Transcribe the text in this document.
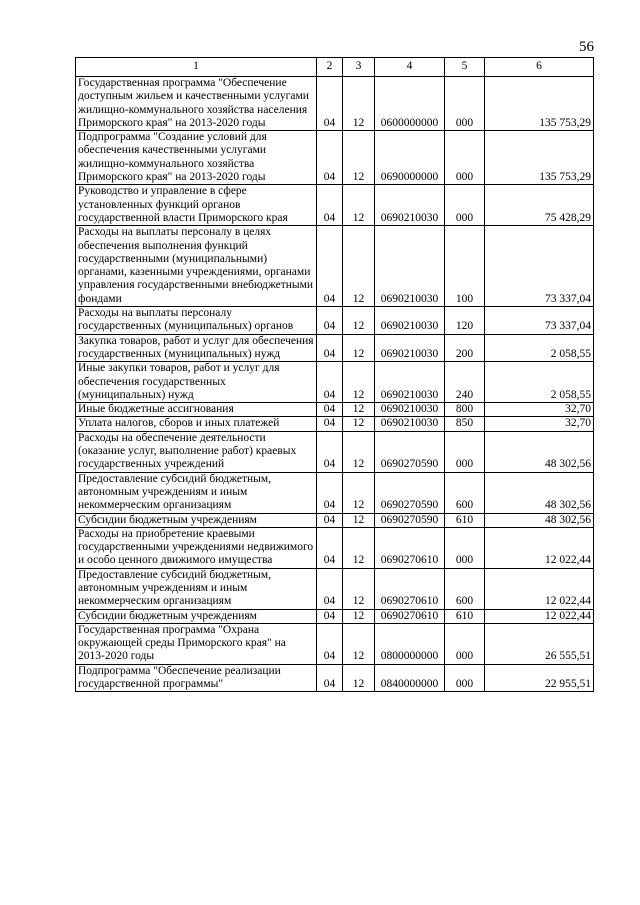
56
1	2	3	4	5	6
Государственная программа "Обеспечение доступным жильем и качественными услугами жилищно-коммунального хозяйства населения Приморского края" на 2013-2020 годы	04	12	0600000000	000	135 753,29
Подпрограмма "Создание условий для обеспечения качественными услугами жилищно-коммунального хозяйства Приморского края" на 2013-2020 годы	04	12	0690000000	000	135 753,29
Руководство и управление в сфере установленных функций органов государственной власти Приморского края	04	12	0690210030	000	75 428,29
Расходы на выплаты персоналу в целях обеспечения выполнения функций государственными (муниципальными) органами, казенными учреждениями, органами управления государственными внебюджетными фондами	04	12	0690210030	100	73 337,04
Расходы на выплаты персоналу государственных (муниципальных) органов	04	12	0690210030	120	73 337,04
Закупка товаров, работ и услуг для обеспечения государственных (муниципальных) нужд	04	12	0690210030	200	2 058,55
Иные закупки товаров, работ и услуг для обеспечения государственных (муниципальных) нужд	04	12	0690210030	240	2 058,55
Иные бюджетные ассигнования	04	12	0690210030	800	32,70
Уплата налогов, сборов и иных платежей	04	12	0690210030	850	32,70
Расходы на обеспечение деятельности (оказание услуг, выполнение работ) краевых государственных учреждений	04	12	0690270590	000	48 302,56
Предоставление субсидий бюджетным, автономным учреждениям и иным некоммерческим организациям	04	12	0690270590	600	48 302,56
Субсидии бюджетным учреждениям	04	12	0690270590	610	48 302,56
Расходы на приобретение краевыми государственными учреждениями недвижимого и особо ценного движимого имущества	04	12	0690270610	000	12 022,44
Предоставление субсидий бюджетным, автономным учреждениям и иным некоммерческим организациям	04	12	0690270610	600	12 022,44
Субсидии бюджетным учреждениям	04	12	0690270610	610	12 022,44
Государственная программа "Охрана окружающей среды Приморского края" на 2013-2020 годы	04	12	0800000000	000	26 555,51
Подпрограмма "Обеспечение реализации государственной программы"	04	12	0840000000	000	22 955,51
